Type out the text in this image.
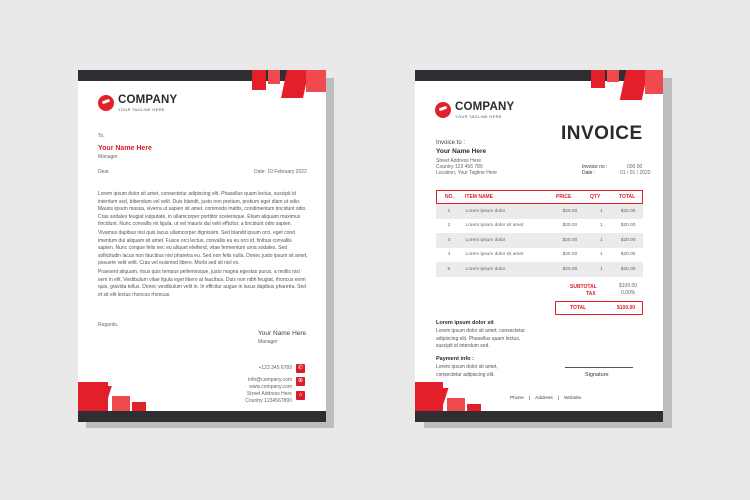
COMPANY
YOUR TAGLINE HERE
To,
Your Name Here
Manager
Dear	Date: 10 February 2022
Lorem ipsum dolor sit amet, consectetur adipiscing elit. Phasellus quam lectus, suscipit id interdum sed, bibendum vel velit. Duis blandit, justo non pretium, pretium eget diam ut odio. Mauris ipsum massa, viverra ut sapien sit amet, commodo mattis, condimentum tincidunt odio. Cras sodales feugiat vulputate, in ullamcorper porttitor scelerisque. Etiam aliquam maximus tincidunt. Nunc convallis mi ligula, ut vel mauris dui velit efficitur, a tincidunt odio sapien.
Vivamus dapibus nisl quis lacus ullamcorper dignissim. Sed blandit ipsum orci, eget cond imentum dui aliquam sit amet. Fusce orci lectus, convallis eu eu orci id, finibus convallis sapien. Nunc congue felis nec eu aliquet eleifend, vitae fermentum urna sodales. Sed sollicitudin lacus non faucibus nisi pharetra eu. Sed non felis nulla. Donec justo ipsum sit amet, posuere velit velit. Cras vel euismod libero. Morbi sed sit nisl ex.
Praesent aliquam, risus quis tempus pellentesque, justo magna egestas purus, a mollis nisl sem in elit. Vestibulum vitae ligula eget libero at faucibus. Duis non nibh feugiat, rhoncus enim quis, gravida tellus. Donec vestibulum velit in. In efficitur augue in lacus dapibus pharetra. Sed et sit elit lectus rhoncus rhoncus.
Regards,
Your Name Here
Manager
+123 345 6789 ✆
info@company.com
www.company.com
⊕
Street Address Here
Country 1234567890
⌂
COMPANY
YOUR TAGLINE HERE
INVOICE
Invoice to :
Your Name Here
Street Address Here
Country 123 456 789
Location, Your Tagline Here
Invoice no :	000 00
Date :	01 / 01 / 2022
NO. ITEM NAME	PRICE	QTY	TOTAL
1	Lorem ipsum dolor	$20.00	1	$20.00
2	Lorem ipsum dolor sit amet	$20.00	1	$20.00
3	Lorem ipsum dolor	$20.00	1	$20.00
4	Lorem ipsum dolor sit amet	$20.00	1	$20.00
5	Lorem ipsum dolor	$20.00	1	$20.00
SUBTOTAL	$100.00
TAX	0.00%
TOTAL	$100.00
Lorem ipsum dolor sit
Lorem ipsum dolor sit amet, consectetur adipiscing elit. Phasellus quam lectus, suscipit id interdum sed.
Payment info :
Lorem ipsum dolor sit amet, consectetur adipiscing elit.	Signature
Phone | Address | Website
